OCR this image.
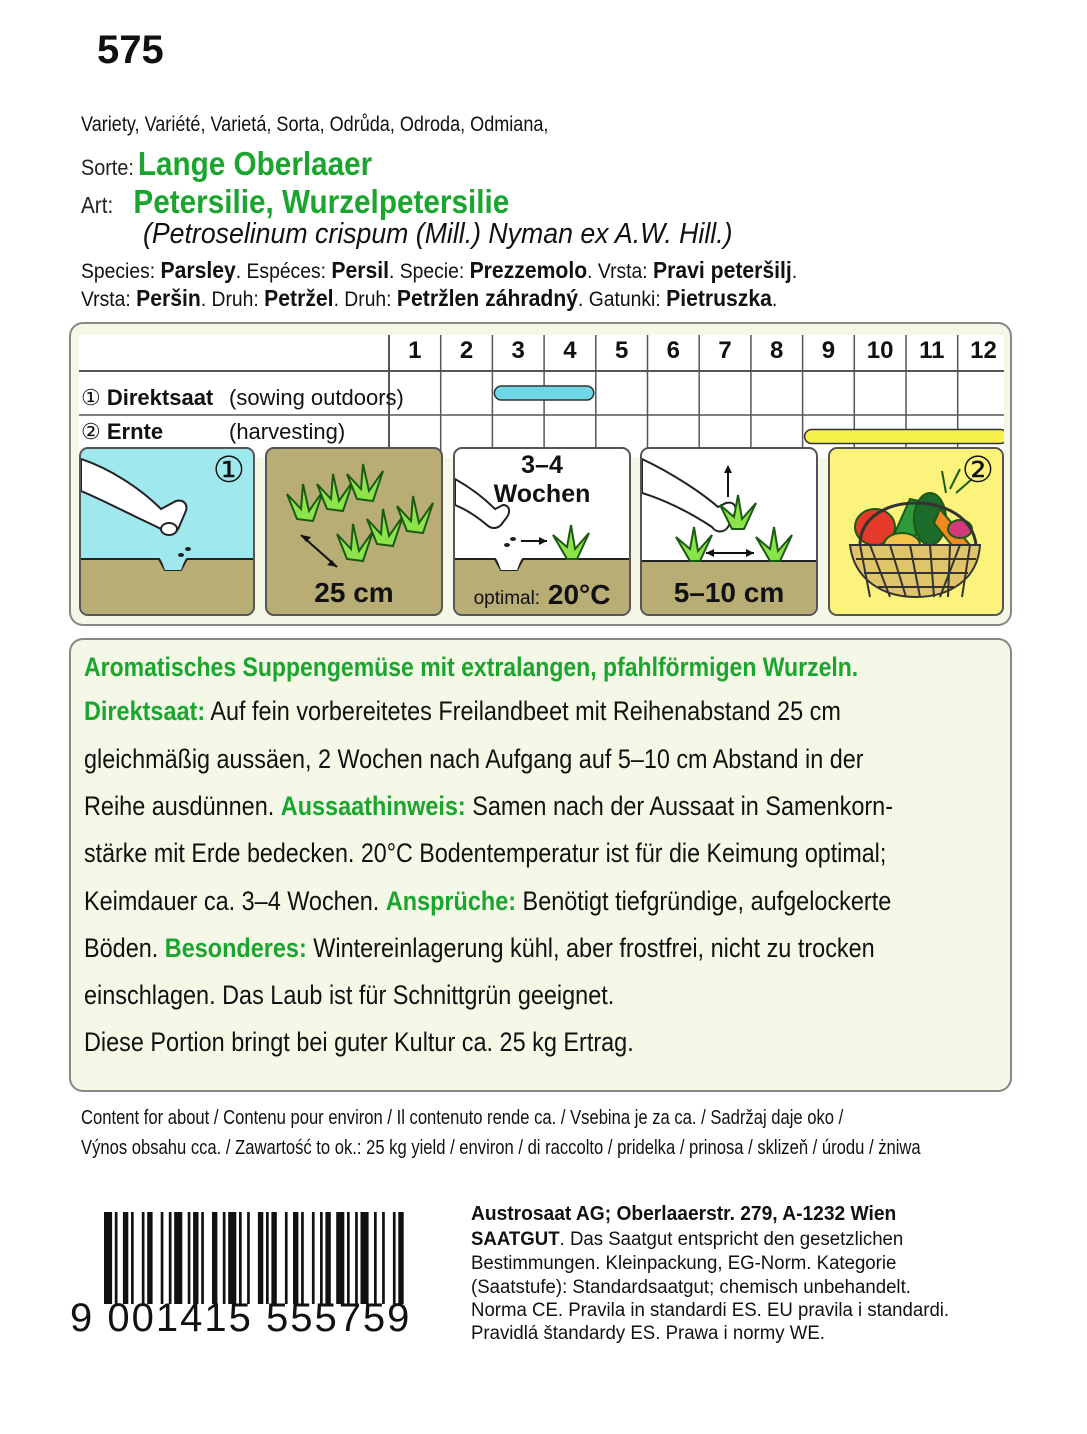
575
Variety, Variété, Varietá, Sorta, Odrůda, Odroda, Odmiana,
Sorte: Lange Oberlaaer
Art: Petersilie, Wurzelpetersilie
(Petroselinum crispum (Mill.) Nyman ex A.W. Hill.)
Species: Parsley. Espéces: Persil. Specie: Prezzemolo. Vrsta: Pravi peteršilj.
Vrsta: Peršin. Druh: Petržel. Druh: Petržlen záhradný. Gatunki: Pietruszka.
1	2	3	4	5	6	7	8	9	10	11	12
① Direktsaat (sowing outdoors)
② Ernte	(harvesting)
①
25 cm
3–4
Wochen
optimal: 20°C	5–10 cm
②
Aromatisches Suppengemüse mit extralangen, pfahlförmigen Wurzeln.
Direktsaat: Auf fein vorbereitetes Freilandbeet mit Reihenabstand 25 cm
gleichmäßig aussäen, 2 Wochen nach Aufgang auf 5–10 cm Abstand in der
Reihe ausdünnen. Aussaathinweis: Samen nach der Aussaat in Samenkorn-
stärke mit Erde bedecken. 20°C Bodentemperatur ist für die Keimung optimal;
Keimdauer ca. 3–4 Wochen. Ansprüche: Benötigt tiefgründige, aufgelockerte
Böden. Besonderes: Wintereinlagerung kühl, aber frostfrei, nicht zu trocken
einschlagen. Das Laub ist für Schnittgrün geeignet.
Diese Portion bringt bei guter Kultur ca. 25 kg Ertrag.
Content for about / Contenu pour environ / Il contenuto rende ca. / Vsebina je za ca. / Sadržaj daje oko /
Výnos obsahu cca. / Zawartość to ok.: 25 kg yield / environ / di raccolto / pridelka / prinosa / sklizeň / úrodu / żniwa
9 001415 555759
Austrosaat AG; Oberlaaerstr. 279, A-1232 Wien
SAATGUT. Das Saatgut entspricht den gesetzlichen
Bestimmungen. Kleinpackung, EG-Norm. Kategorie
(Saatstufe): Standardsaatgut; chemisch unbehandelt.
Norma CE. Pravila in standardi ES. EU pravila i standardi.
Pravidlá štandardy ES. Prawa i normy WE.
